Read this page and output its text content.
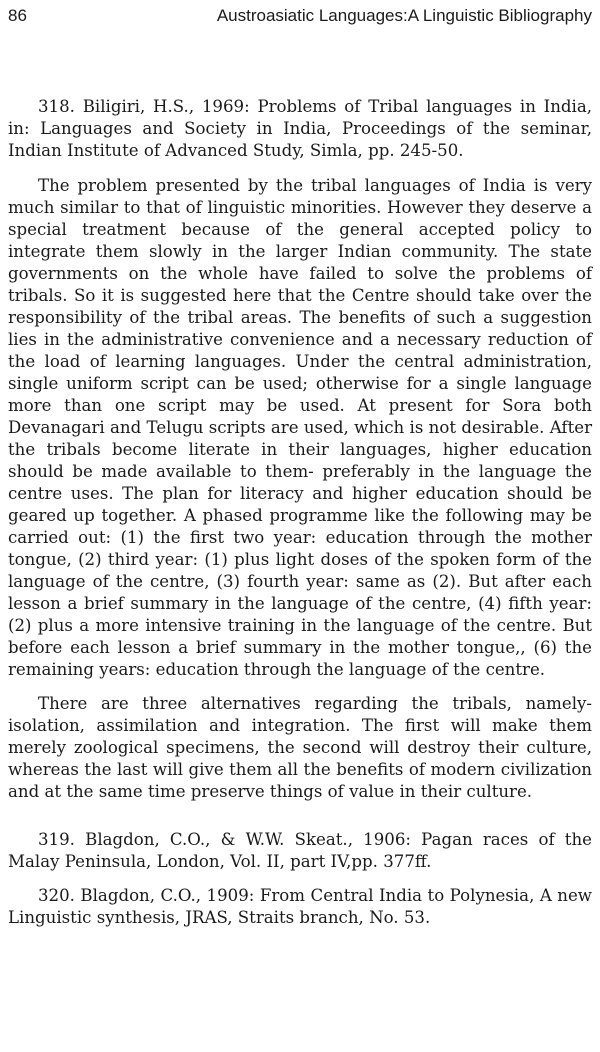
86	Austroasiatic Languages:A Linguistic Bibliography

318. Biligiri, H.S., 1969: Problems of Tribal languages in India, in: Languages and Society in India, Proceedings of the seminar, Indian Institute of Advanced Study, Simla, pp. 245-50.

The problem presented by the tribal languages of India is very much similar to that of linguistic minorities. However they deserve a special treatment because of the general accepted policy to integrate them slowly in the larger Indian community. The state governments on the whole have failed to solve the problems of tribals. So it is suggested here that the Centre should take over the responsibility of the tribal areas. The benefits of such a suggestion lies in the administrative convenience and a necessary reduction of the load of learning languages. Under the central administration, single uniform script can be used; otherwise for a single language more than one script may be used. At present for Sora both Devanagari and Telugu scripts are used, which is not desirable. After the tribals become literate in their languages, higher education should be made available to them- preferably in the language the centre uses. The plan for literacy and higher education should be geared up together. A phased programme like the following may be carried out: (1) the first two year: education through the mother tongue, (2) third year: (1) plus light doses of the spoken form of the language of the centre, (3) fourth year: same as (2). But after each lesson a brief summary in the language of the centre, (4) fifth year: (2) plus a more intensive training in the language of the centre. But before each lesson a brief summary in the mother tongue,, (6) the remaining years: education through the language of the centre.

There are three alternatives regarding the tribals, namely-isolation, assimilation and integration. The first will make them merely zoological specimens, the second will destroy their culture, whereas the last will give them all the benefits of modern civilization and at the same time preserve things of value in their culture.

319. Blagdon, C.O., & W.W. Skeat., 1906: Pagan races of the Malay Peninsula, London, Vol. II, part IV,pp. 377ff.

320. Blagdon, C.O., 1909: From Central India to Polynesia, A new Linguistic synthesis, JRAS, Straits branch, No. 53.
